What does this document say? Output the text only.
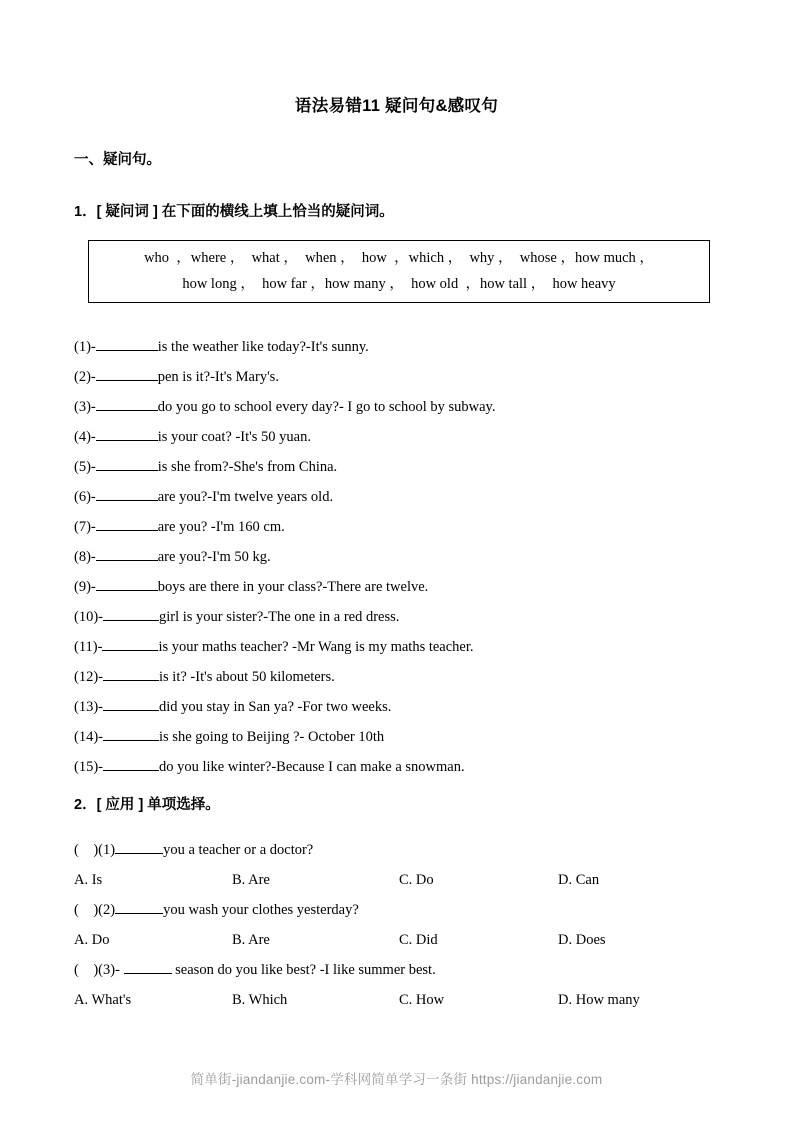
语法易错11 疑问句&感叹句
一、疑问句。
1．[ 疑问词 ] 在下面的横线上填上恰当的疑问词。
who  ，where ，  what ，  when ，  how  ，which ，  why ，  whose ，how much ，
how long ，  how far ，how many ，  how old  ，how tall ，  how heavy
(1)-	is the weather like today?-It's sunny.
(2)-	pen is it?-It's Mary's.
(3)-	do you go to school every day?- I go to school by subway.
(4)-	is your coat? -It's 50 yuan.
(5)-	is she from?-She's from China.
(6)-	are you?-I'm twelve years old.
(7)-	are you? -I'm 160 cm.
(8)-	are you?-I'm 50 kg.
(9)-	boys are there in your class?-There are twelve.
(10)-	girl is your sister?-The one in a red dress.
(11)-	is your maths teacher? -Mr Wang is my maths teacher.
(12)-	is it? -It's about 50 kilometers.
(13)-	did you stay in San ya? -For two weeks.
(14)-	is she going to Beijing ?- October 10th
(15)-	do you like winter?-Because I can make a snowman.
2．[ 应用 ] 单项选择。
(    )(1)	you a teacher or a doctor?
A. Is	B. Are	C. Do	D. Can
(    )(2)	you wash your clothes yesterday?
A. Do	B. Are	C. Did	D. Does
(    )(3)-	season do you like best? -I like summer best.
A. What's	B. Which	C. How	D. How many
简单街-jiandanjie.com-学科网简单学习一条街 https://jiandanjie.com
